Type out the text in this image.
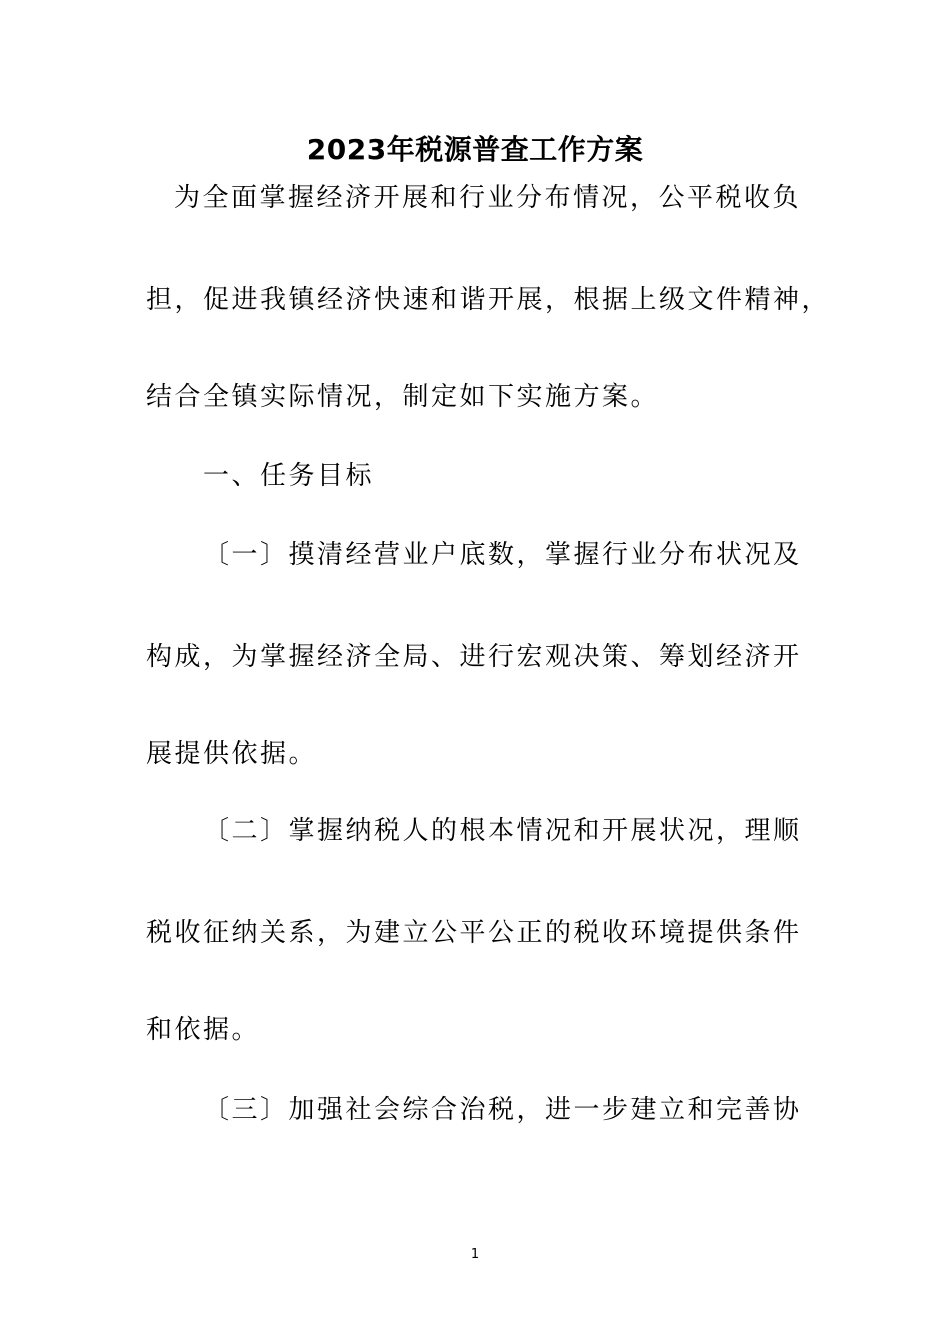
2023年税源普查工作方案
为全面掌握经济开展和行业分布情况，公平税收负
担，促进我镇经济快速和谐开展，根据上级文件精神，
结合全镇实际情况，制定如下实施方案。
一、任务目标
〔一〕摸清经营业户底数，掌握行业分布状况及
构成，为掌握经济全局、进行宏观决策、筹划经济开
展提供依据。
〔二〕掌握纳税人的根本情况和开展状况，理顺
税收征纳关系，为建立公平公正的税收环境提供条件
和依据。
〔三〕加强社会综合治税，进一步建立和完善协
1
